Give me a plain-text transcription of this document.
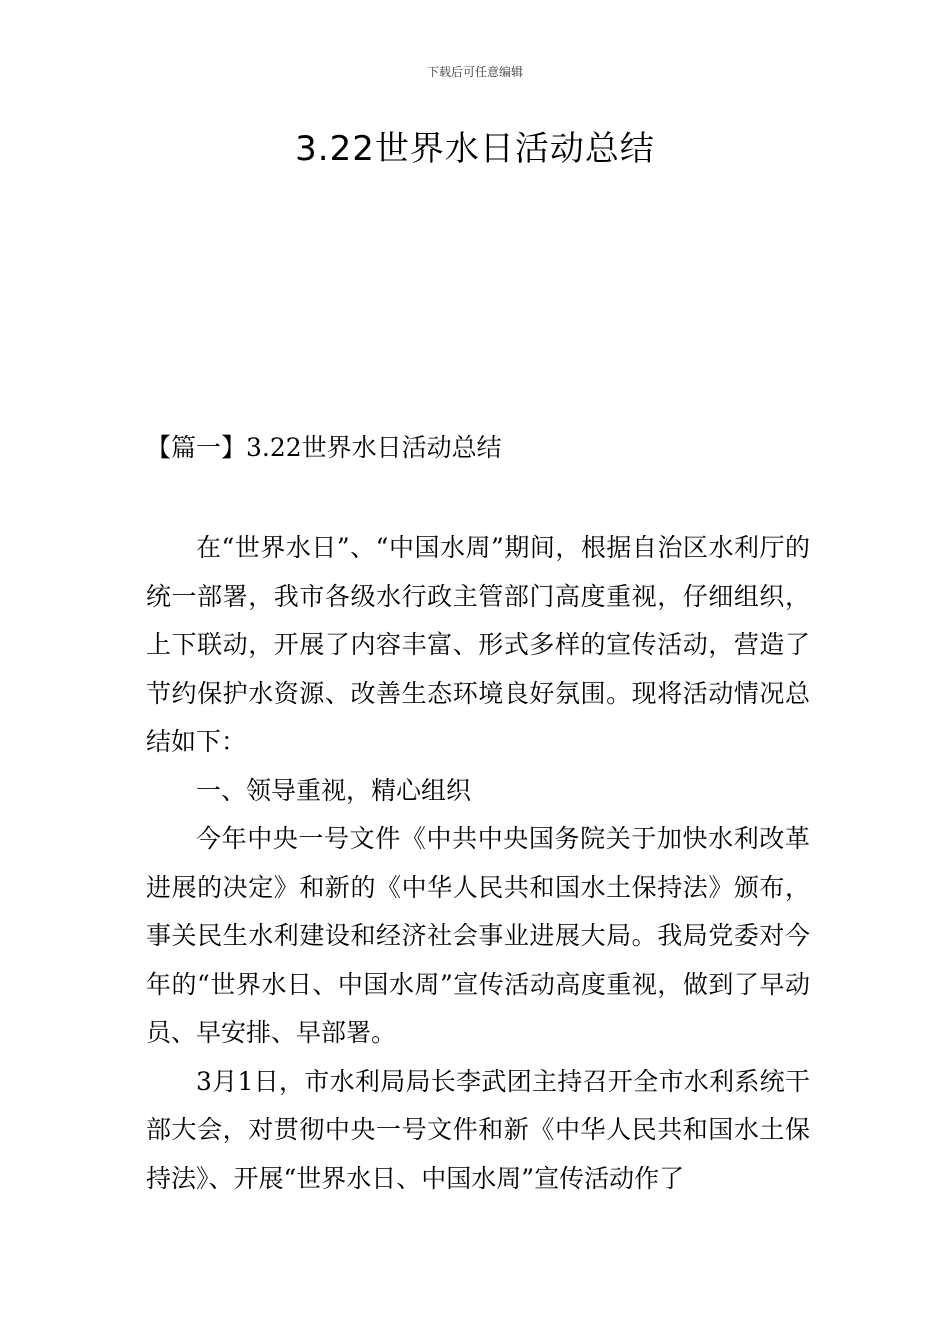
下载后可任意编辑
3.22世界水日活动总结
【篇一】3.22世界水日活动总结

在“世界水日”、“中国水周”期间，根据自治区水利厅的统一部署，我市各级水行政主管部门高度重视，仔细组织，上下联动，开展了内容丰富、形式多样的宣传活动，营造了节约保护水资源、改善生态环境良好氛围。现将活动情况总结如下：

一、领导重视，精心组织

今年中央一号文件《中共中央国务院关于加快水利改革进展的决定》和新的《中华人民共和国水土保持法》颁布，事关民生水利建设和经济社会事业进展大局。我局党委对今年的“世界水日、中国水周”宣传活动高度重视，做到了早动员、早安排、早部署。

3月1日，市水利局局长李武团主持召开全市水利系统干部大会，对贯彻中央一号文件和新《中华人民共和国水土保持法》、开展“世界水日、中国水周”宣传活动作了
